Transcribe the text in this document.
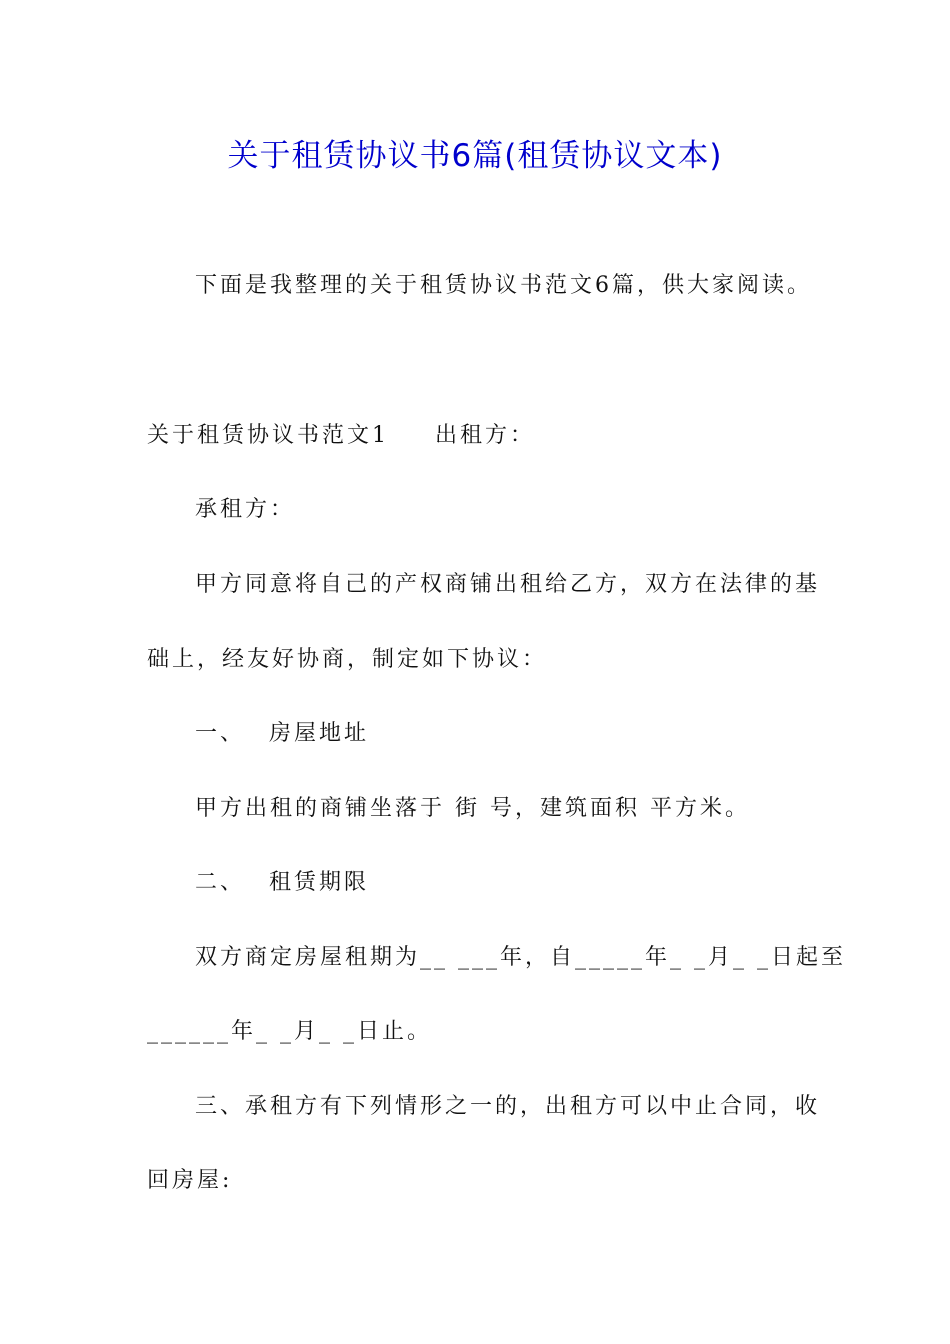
关于租赁协议书6篇(租赁协议文本)
下面是我整理的关于租赁协议书范文6篇，供大家阅读。
关于租赁协议书范文1 出租方：
承租方：
甲方同意将自己的产权商铺出租给乙方，双方在法律的基
础上，经友好协商，制定如下协议：
一、 房屋地址
甲方出租的商铺坐落于 街 号，建筑面积 平方米。
二、 租赁期限
双方商定房屋租期为__ ___年，自_____年_ _月_ _日起至
______年_ _月_ _日止。
三、承租方有下列情形之一的，出租方可以中止合同，收
回房屋:
